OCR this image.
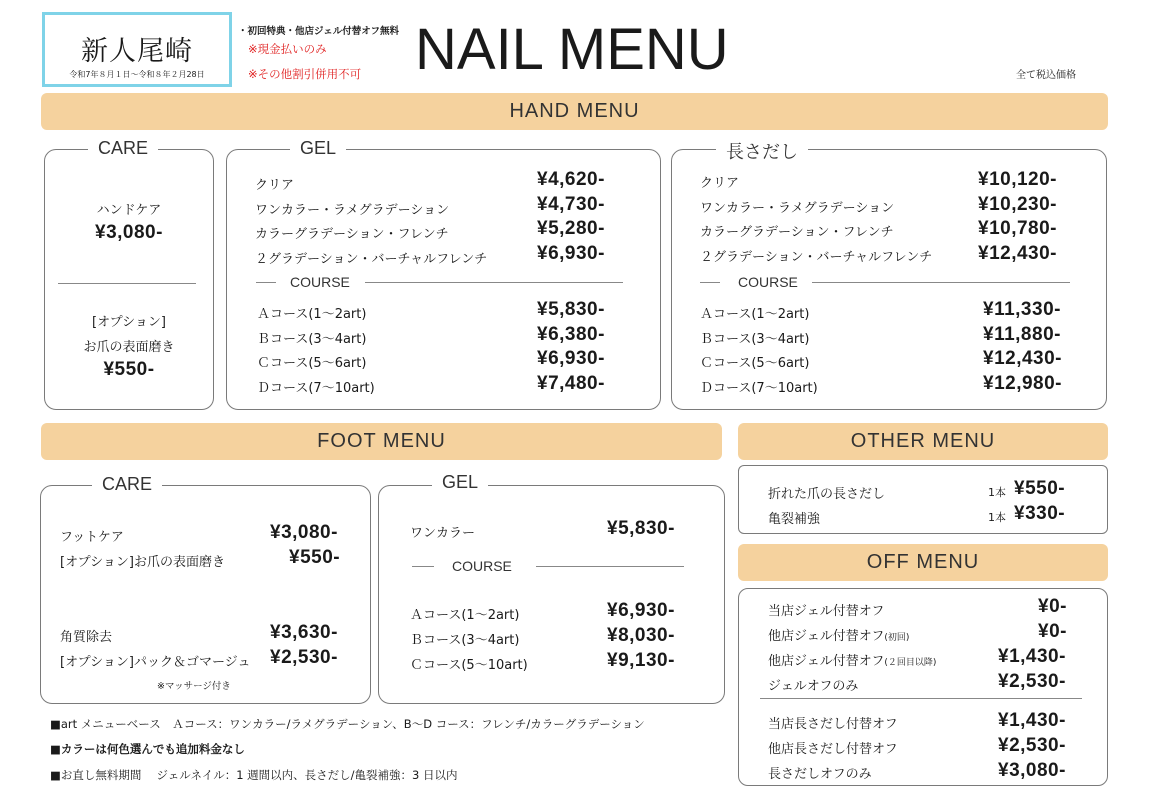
新人尾崎
令和7年８月１日～令和８年２月28日
・初回特典・他店ジェル付替オフ無料
※現金払いのみ
※その他割引併用不可 NAIL MENU	全て税込価格
HAND MENU
CARE
ハンドケア
¥3,080-
[オプション]
お爪の表面磨き
¥550-
GEL
クリア	¥4,620-
ワンカラー・ラメグラデーション	¥4,730-
カラーグラデーション・フレンチ	¥5,280-
２グラデーション・バーチャルフレンチ	¥6,930-
COURSE
Ａコース(1～2art)	¥5,830-
Ｂコース(3～4art)	¥6,380-
Ｃコース(5～6art)	¥6,930-
Ｄコース(7～10art)	¥7,480-
長さだし
クリア	¥10,120-
ワンカラー・ラメグラデーション	¥10,230-
カラーグラデーション・フレンチ	¥10,780-
２グラデーション・バーチャルフレンチ ¥12,430-
COURSE
Ａコース(1～2art)	¥11,330-
Ｂコース(3～4art)	¥11,880-
Ｃコース(5～6art)	¥12,430-
Ｄコース(7～10art)	¥12,980-
FOOT MENU
CARE
フットケア	¥3,080-
[オプション]お爪の表面磨き	¥550-
角質除去	¥3,630-
[オプション]パック＆ゴマージュ ¥2,530-
※マッサージ付き
GEL
ワンカラー	¥5,830-
COURSE
Ａコース(1～2art)	¥6,930-
Ｂコース(3～4art)	¥8,030-
Ｃコース(5～10art)	¥9,130-
OTHER MENU
折れた爪の長さだし	1本 ¥550-
亀裂補強	1本 ¥330-
OFF MENU
当店ジェル付替オフ	¥0-
他店ジェル付替オフ(初回)	¥0-
他店ジェル付替オフ(２回目以降)	¥1,430-
ジェルオフのみ	¥2,530-
当店長さだし付替オフ	¥1,430-
他店長さだし付替オフ	¥2,530-
長さだしオフのみ	¥3,080-
■art メニューベース　Ａコース：ワンカラー/ラメグラデーション、B～D コース：フレンチ/カラーグラデーション
■カラーは何色選んでも追加料金なし
■お直し無料期間　 ジェルネイル：1 週間以内、長さだし/亀裂補強：3 日以内
